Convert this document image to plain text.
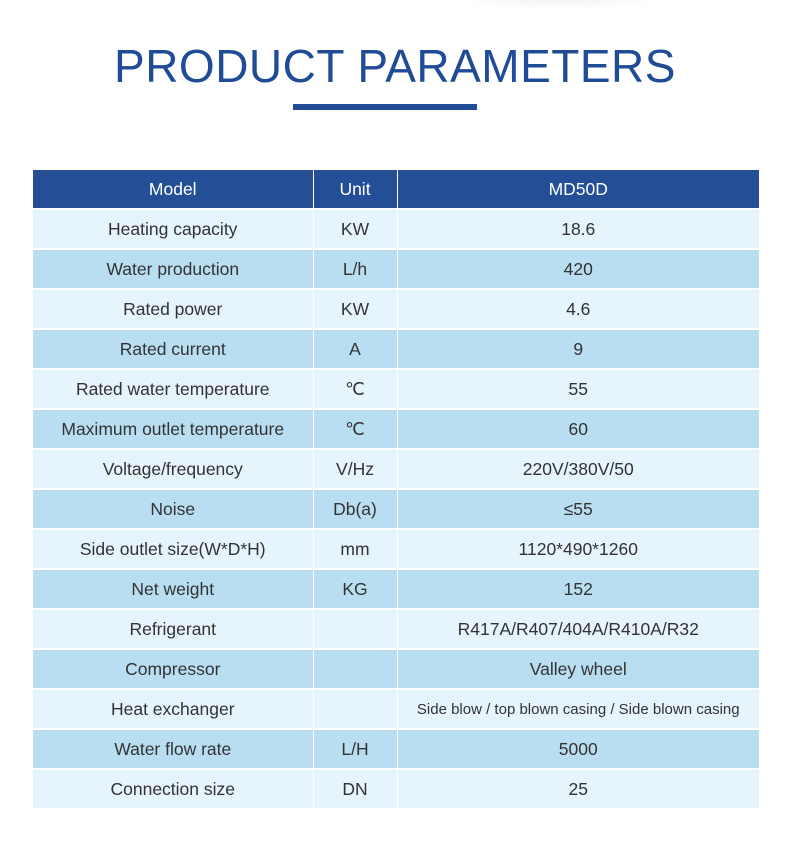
PRODUCT PARAMETERS
Model	Unit	MD50D
Heating capacity	KW	18.6
Water production	L/h	420
Rated power	KW	4.6
Rated current	A	9
Rated water temperature	℃	55
Maximum outlet temperature	℃	60
Voltage/frequency	V/Hz	220V/380V/50
Noise	Db(a)	≤55
Side outlet size(W*D*H)	mm	1120*490*1260
Net weight	KG	152
Refrigerant		R417A/R407/404A/R410A/R32
Compressor		Valley wheel
Heat exchanger		Side blow / top blown casing / Side blown casing
Water flow rate	L/H	5000
Connection size	DN	25
